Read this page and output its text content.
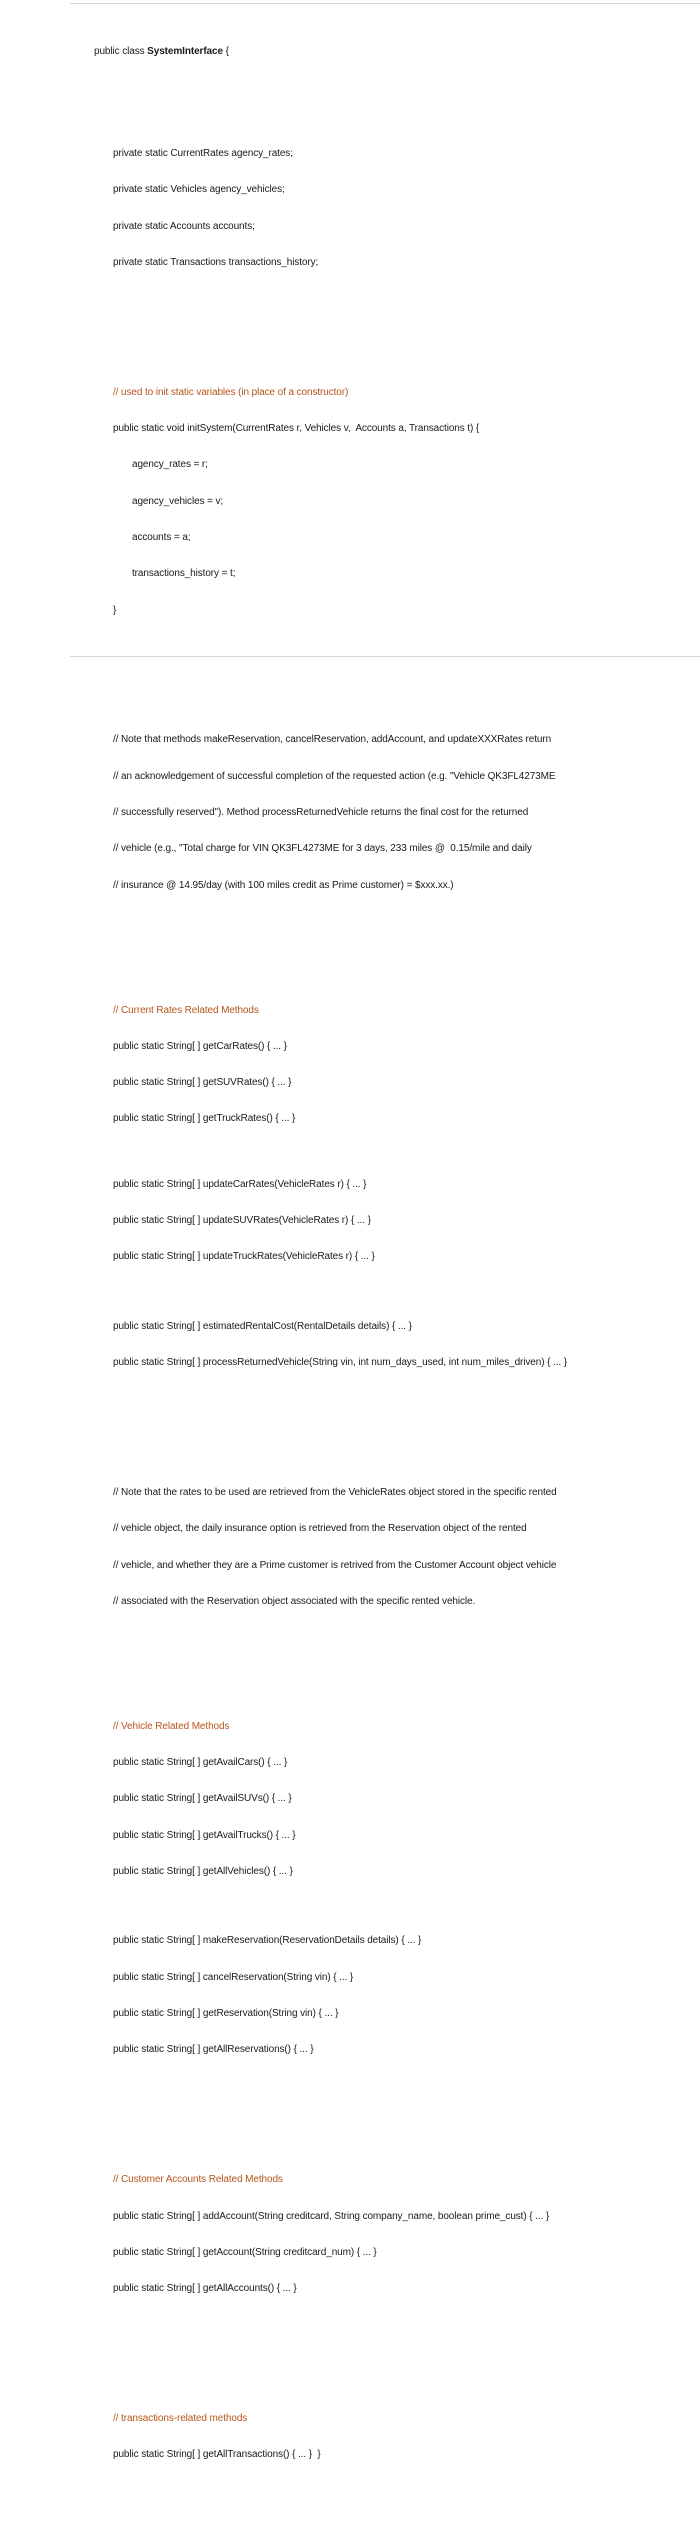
public class SystemInterface {

private static CurrentRates agency_rates;

private static Vehicles agency_vehicles;

private static Accounts accounts;

private static Transactions transactions_history;

// used to init static variables (in place of a constructor)

public static void initSystem(CurrentRates r, Vehicles v,  Accounts a, Transactions t) {

agency_rates = r;

agency_vehicles = v;

accounts = a;

transactions_history = t;

}

// Note that methods makeReservation, cancelReservation, addAccount, and updateXXXRates return

// an acknowledgement of successful completion of the requested action (e.g. "Vehicle QK3FL4273ME

// successfully reserved"). Method processReturnedVehicle returns the final cost for the returned

// vehicle (e.g., "Total charge for VIN QK3FL4273ME for 3 days, 233 miles @  0.15/mile and daily

// insurance @ 14.95/day (with 100 miles credit as Prime customer) = $xxx.xx.)

// Current Rates Related Methods

public static String[ ] getCarRates() { ... }

public static String[ ] getSUVRates() { ... }

public static String[ ] getTruckRates() { ... }

public static String[ ] updateCarRates(VehicleRates r) { ... }

public static String[ ] updateSUVRates(VehicleRates r) { ... }

public static String[ ] updateTruckRates(VehicleRates r) { ... }

public static String[ ] estimatedRentalCost(RentalDetails details) { ... }

public static String[ ] processReturnedVehicle(String vin, int num_days_used, int num_miles_driven) { ... }

// Note that the rates to be used are retrieved from the VehicleRates object stored in the specific rented

// vehicle object, the daily insurance option is retrieved from the Reservation object of the rented

// vehicle, and whether they are a Prime customer is retrived from the Customer Account object vehicle

// associated with the Reservation object associated with the specific rented vehicle.

// Vehicle Related Methods

public static String[ ] getAvailCars() { ... }

public static String[ ] getAvailSUVs() { ... }

public static String[ ] getAvailTrucks() { ... }

public static String[ ] getAllVehicles() { ... }

public static String[ ] makeReservation(ReservationDetails details) { ... }

public static String[ ] cancelReservation(String vin) { ... }

public static String[ ] getReservation(String vin) { ... }

public static String[ ] getAllReservations() { ... }

// Customer Accounts Related Methods

public static String[ ] addAccount(String creditcard, String company_name, boolean prime_cust) { ... }

public static String[ ] getAccount(String creditcard_num) { ... }

public static String[ ] getAllAccounts() { ... }

// transactions-related methods

public static String[ ] getAllTransactions() { ... }  }
